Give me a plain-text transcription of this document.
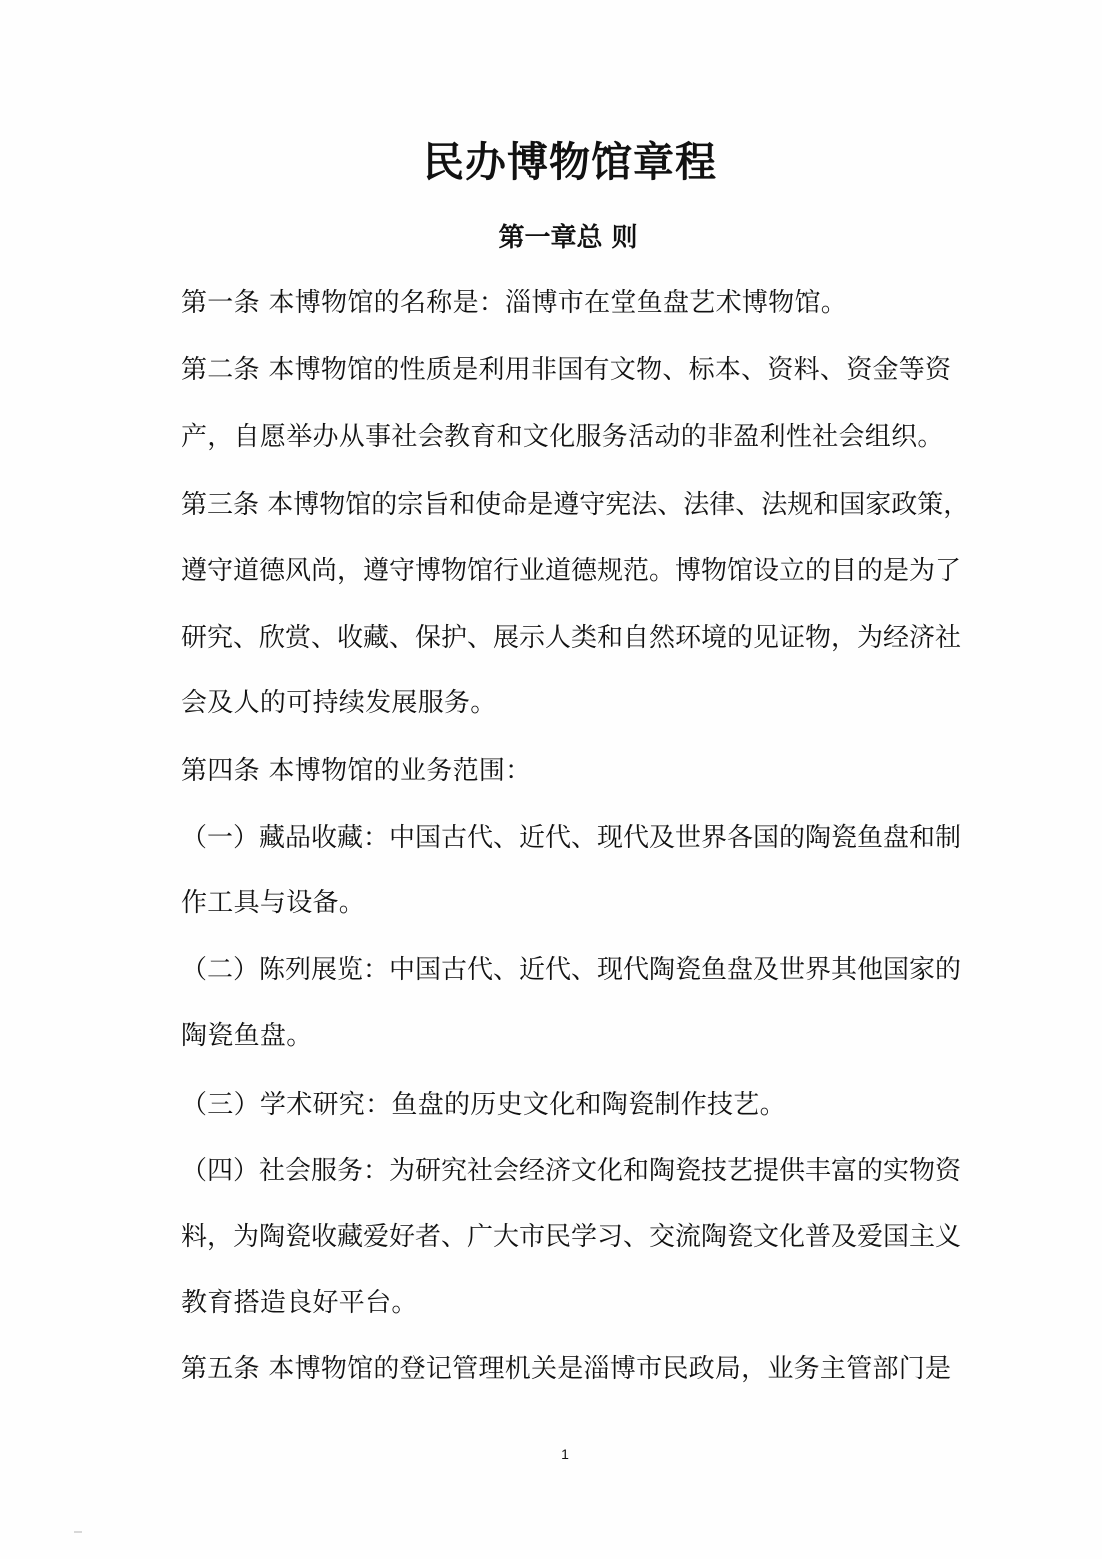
民办博物馆章程
第一章总 则
第一条 本博物馆的名称是：淄博市在堂鱼盘艺术博物馆。
第二条 本博物馆的性质是利用非国有文物、标本、资料、资金等资
产，自愿举办从事社会教育和文化服务活动的非盈利性社会组织。
第三条 本博物馆的宗旨和使命是遵守宪法、法律、法规和国家政策，
遵守道德风尚，遵守博物馆行业道德规范。博物馆设立的目的是为了
研究、欣赏、收藏、保护、展示人类和自然环境的见证物，为经济社
会及人的可持续发展服务。
第四条 本博物馆的业务范围：
（一）藏品收藏：中国古代、近代、现代及世界各国的陶瓷鱼盘和制
作工具与设备。
（二）陈列展览：中国古代、近代、现代陶瓷鱼盘及世界其他国家的
陶瓷鱼盘。
（三）学术研究：鱼盘的历史文化和陶瓷制作技艺。
（四）社会服务：为研究社会经济文化和陶瓷技艺提供丰富的实物资
料，为陶瓷收藏爱好者、广大市民学习、交流陶瓷文化普及爱国主义
教育搭造良好平台。
第五条 本博物馆的登记管理机关是淄博市民政局，业务主管部门是
1
